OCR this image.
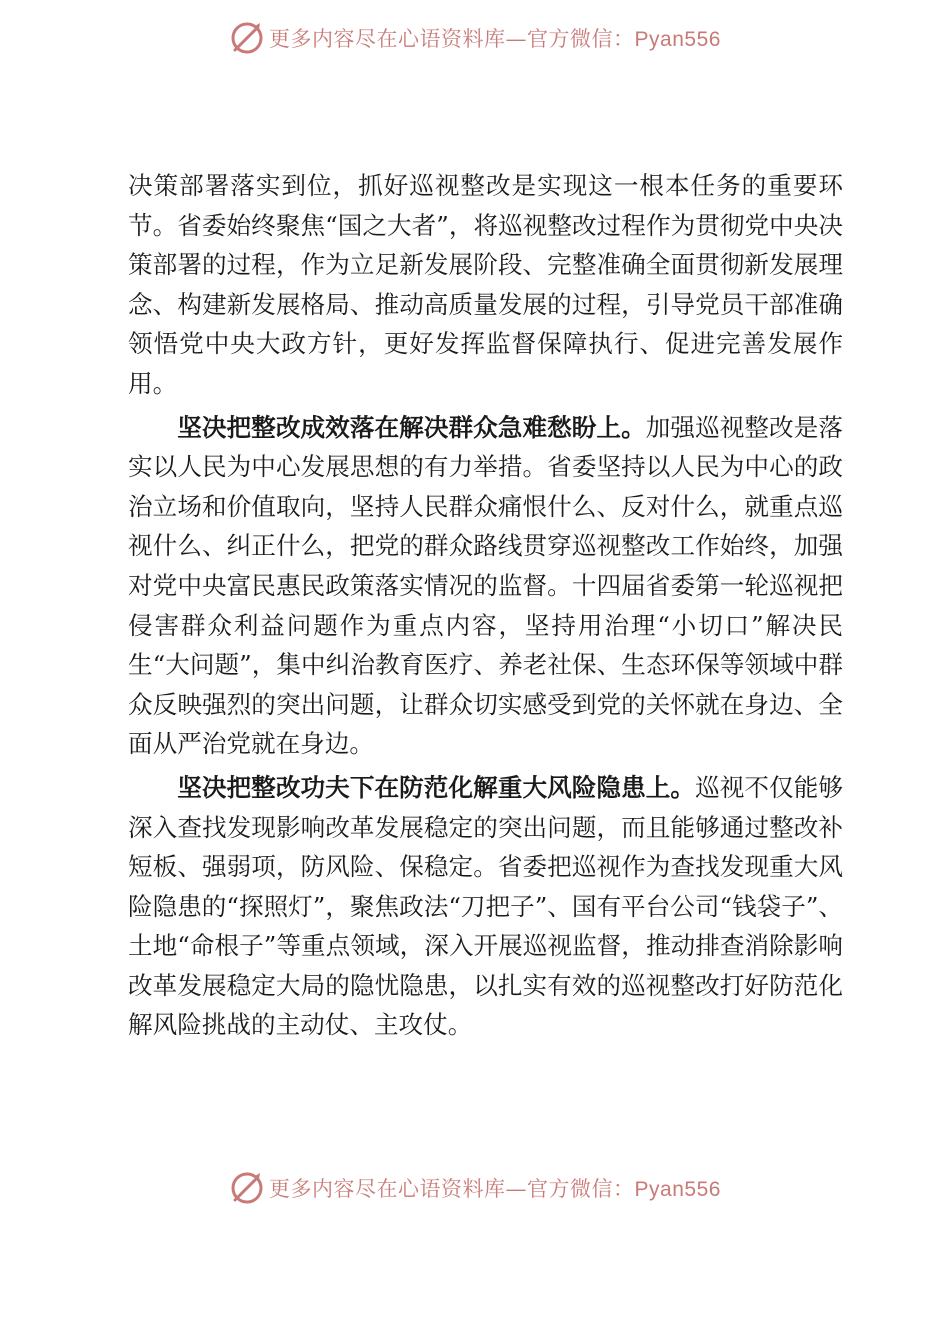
更多内容尽在心语资料库—官方微信：Pyan556

决策部署落实到位，抓好巡视整改是实现这一根本任务的重要环节。省委始终聚焦“国之大者”，将巡视整改过程作为贯彻党中央决策部署的过程，作为立足新发展阶段、完整准确全面贯彻新发展理念、构建新发展格局、推动高质量发展的过程，引导党员干部准确领悟党中央大政方针，更好发挥监督保障执行、促进完善发展作用。

坚决把整改成效落在解决群众急难愁盼上。加强巡视整改是落实以人民为中心发展思想的有力举措。省委坚持以人民为中心的政治立场和价值取向，坚持人民群众痛恨什么、反对什么，就重点巡视什么、纠正什么，把党的群众路线贯穿巡视整改工作始终，加强对党中央富民惠民政策落实情况的监督。十四届省委第一轮巡视把侵害群众利益问题作为重点内容，坚持用治理“小切口”解决民生“大问题”，集中纠治教育医疗、养老社保、生态环保等领域中群众反映强烈的突出问题，让群众切实感受到党的关怀就在身边、全面从严治党就在身边。

坚决把整改功夫下在防范化解重大风险隐患上。巡视不仅能够深入查找发现影响改革发展稳定的突出问题，而且能够通过整改补短板、强弱项，防风险、保稳定。省委把巡视作为查找发现重大风险隐患的“探照灯”，聚焦政法“刀把子”、国有平台公司“钱袋子”、土地“命根子”等重点领域，深入开展巡视监督，推动排查消除影响改革发展稳定大局的隐忧隐患，以扎实有效的巡视整改打好防范化解风险挑战的主动仗、主攻仗。

更多内容尽在心语资料库—官方微信：Pyan556
